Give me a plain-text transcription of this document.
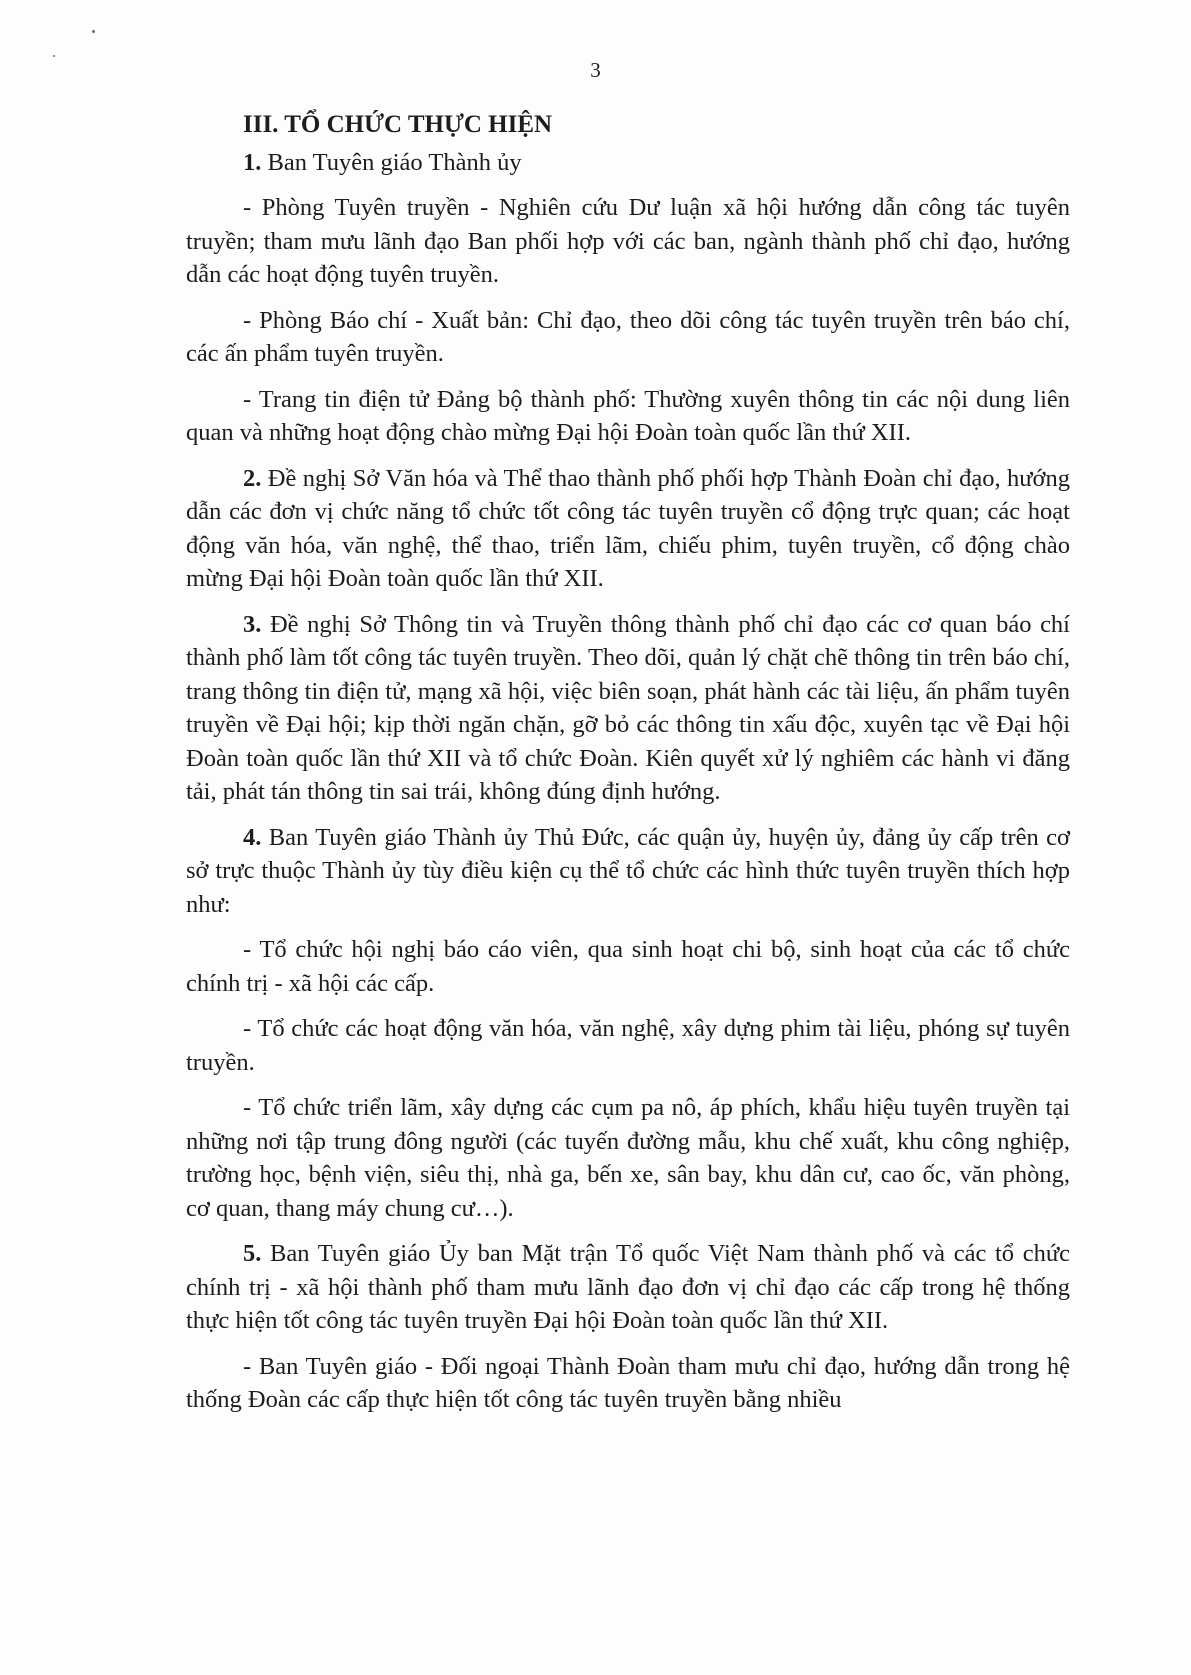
3
III. TỔ CHỨC THỰC HIỆN

1. Ban Tuyên giáo Thành ủy

- Phòng Tuyên truyền - Nghiên cứu Dư luận xã hội hướng dẫn công tác tuyên truyền; tham mưu lãnh đạo Ban phối hợp với các ban, ngành thành phố chỉ đạo, hướng dẫn các hoạt động tuyên truyền.

- Phòng Báo chí - Xuất bản: Chỉ đạo, theo dõi công tác tuyên truyền trên báo chí, các ấn phẩm tuyên truyền.

- Trang tin điện tử Đảng bộ thành phố: Thường xuyên thông tin các nội dung liên quan và những hoạt động chào mừng Đại hội Đoàn toàn quốc lần thứ XII.

2. Đề nghị Sở Văn hóa và Thể thao thành phố phối hợp Thành Đoàn chỉ đạo, hướng dẫn các đơn vị chức năng tổ chức tốt công tác tuyên truyền cổ động trực quan; các hoạt động văn hóa, văn nghệ, thể thao, triển lãm, chiếu phim, tuyên truyền, cổ động chào mừng Đại hội Đoàn toàn quốc lần thứ XII.

3. Đề nghị Sở Thông tin và Truyền thông thành phố chỉ đạo các cơ quan báo chí thành phố làm tốt công tác tuyên truyền. Theo dõi, quản lý chặt chẽ thông tin trên báo chí, trang thông tin điện tử, mạng xã hội, việc biên soạn, phát hành các tài liệu, ấn phẩm tuyên truyền về Đại hội; kịp thời ngăn chặn, gỡ bỏ các thông tin xấu độc, xuyên tạc về Đại hội Đoàn toàn quốc lần thứ XII và tổ chức Đoàn. Kiên quyết xử lý nghiêm các hành vi đăng tải, phát tán thông tin sai trái, không đúng định hướng.

4. Ban Tuyên giáo Thành ủy Thủ Đức, các quận ủy, huyện ủy, đảng ủy cấp trên cơ sở trực thuộc Thành ủy tùy điều kiện cụ thể tổ chức các hình thức tuyên truyền thích hợp như:

- Tổ chức hội nghị báo cáo viên, qua sinh hoạt chi bộ, sinh hoạt của các tổ chức chính trị - xã hội các cấp.

- Tổ chức các hoạt động văn hóa, văn nghệ, xây dựng phim tài liệu, phóng sự tuyên truyền.

- Tổ chức triển lãm, xây dựng các cụm pa nô, áp phích, khẩu hiệu tuyên truyền tại những nơi tập trung đông người (các tuyến đường mẫu, khu chế xuất, khu công nghiệp, trường học, bệnh viện, siêu thị, nhà ga, bến xe, sân bay, khu dân cư, cao ốc, văn phòng, cơ quan, thang máy chung cư…).

5. Ban Tuyên giáo Ủy ban Mặt trận Tổ quốc Việt Nam thành phố và các tổ chức chính trị - xã hội thành phố tham mưu lãnh đạo đơn vị chỉ đạo các cấp trong hệ thống thực hiện tốt công tác tuyên truyền Đại hội Đoàn toàn quốc lần thứ XII.

- Ban Tuyên giáo - Đối ngoại Thành Đoàn tham mưu chỉ đạo, hướng dẫn trong hệ thống Đoàn các cấp thực hiện tốt công tác tuyên truyền bằng nhiều
